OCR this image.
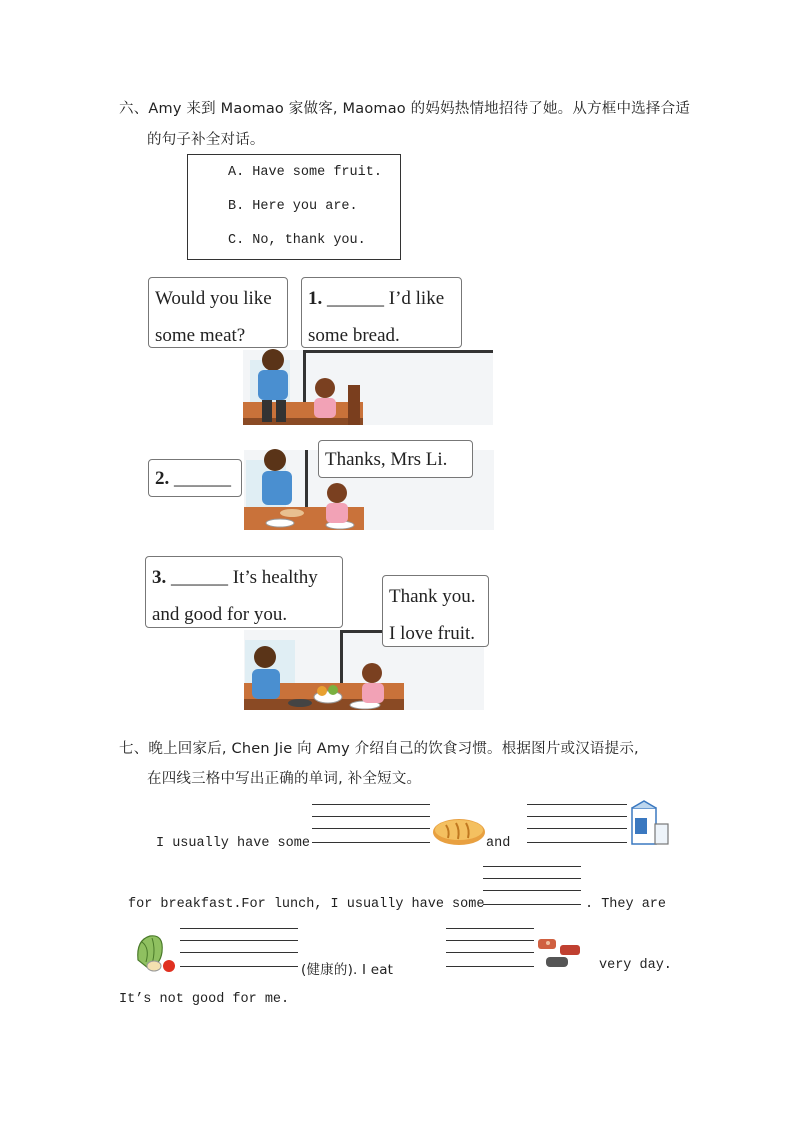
六、Amy 来到 Maomao 家做客, Maomao 的妈妈热情地招待了她。从方框中选择合适
的句子补全对话。
A. Have some fruit.
B. Here you are.
C. No, thank you.
Would you like
some meat?
1. ______ I’d like
some bread.
2. ______
Thanks, Mrs Li.
3. ______ It’s healthy
and good for you.
Thank you.
I love fruit.
七、晚上回家后, Chen Jie 向 Amy 介绍自己的饮食习惯。根据图片或汉语提示,
在四线三格中写出正确的单词, 补全短文。
I usually have some	and
for breakfast.For lunch, I usually have some	. They are
(健康的). I eat	very day.
It’s not good for me.
